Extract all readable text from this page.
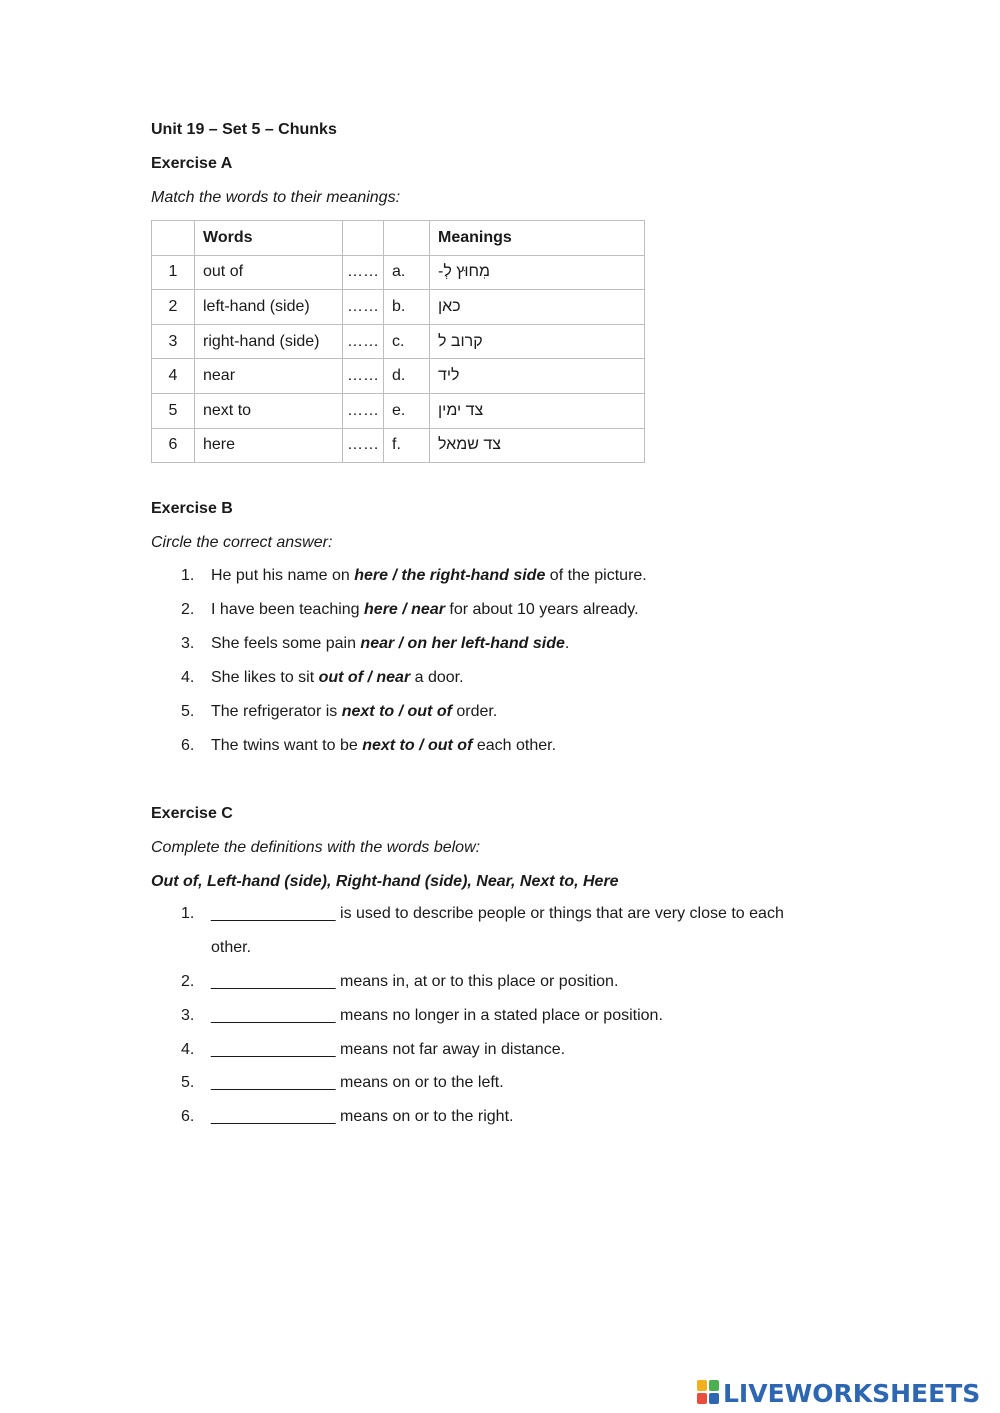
Unit 19 – Set 5 – Chunks
Exercise A
Match the words to their meanings:
	Words			Meanings
1	out of	……	a.	מִחוּץ לְ-
2	left-hand (side)	……	b.	כאן
3	right-hand (side)	……	c.	קרוב ל
4	near	……	d.	ליד
5	next to	……	e.	צד ימין
6	here	……	f.	צד שמאל
Exercise B
Circle the correct answer:
1.	He put his name on here / the right-hand side of the picture.
2.	I have been teaching here / near for about 10 years already.
3.	She feels some pain near / on her left-hand side.
4.	She likes to sit out of / near a door.
5.	The refrigerator is next to / out of order.
6.	The twins want to be next to / out of each other.
Exercise C
Complete the definitions with the words below:
Out of, Left-hand (side), Right-hand (side), Near, Next to, Here
1.	______________ is used to describe people or things that are very close to each
other.
2.	______________ means in, at or to this place or position.
3.	______________ means no longer in a stated place or position.
4.	______________ means not far away in distance.
5.	______________ means on or to the left.
6.	______________ means on or to the right.
LIVEWORKSHEETS
